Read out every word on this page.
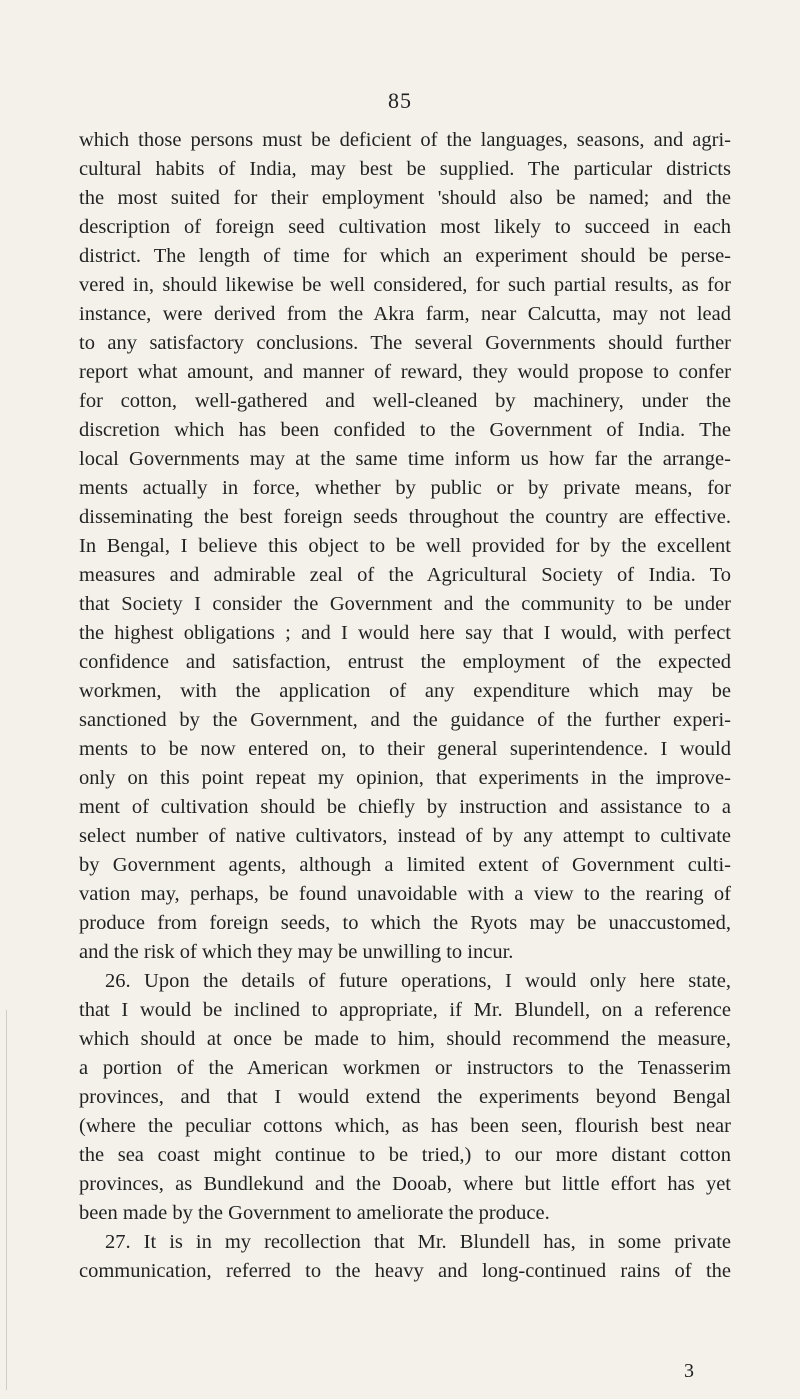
85
which those persons must be deficient of the languages, seasons, and agri-
cultural habits of India, may best be supplied. The particular districts
the most suited for their employment 'should also be named; and the
description of foreign seed cultivation most likely to succeed in each
district. The length of time for which an experiment should be perse-
vered in, should likewise be well considered, for such partial results, as for
instance, were derived from the Akra farm, near Calcutta, may not lead
to any satisfactory conclusions. The several Governments should further
report what amount, and manner of reward, they would propose to confer
for cotton, well-gathered and well-cleaned by machinery, under the
discretion which has been confided to the Government of India. The
local Governments may at the same time inform us how far the arrange-
ments actually in force, whether by public or by private means, for
disseminating the best foreign seeds throughout the country are effective.
In Bengal, I believe this object to be well provided for by the excellent
measures and admirable zeal of the Agricultural Society of India. To
that Society I consider the Government and the community to be under
the highest obligations ; and I would here say that I would, with perfect
confidence and satisfaction, entrust the employment of the expected
workmen, with the application of any expenditure which may be
sanctioned by the Government, and the guidance of the further experi-
ments to be now entered on, to their general superintendence. I would
only on this point repeat my opinion, that experiments in the improve-
ment of cultivation should be chiefly by instruction and assistance to a
select number of native cultivators, instead of by any attempt to cultivate
by Government agents, although a limited extent of Government culti-
vation may, perhaps, be found unavoidable with a view to the rearing of
produce from foreign seeds, to which the Ryots may be unaccustomed,
and the risk of which they may be unwilling to incur.
26. Upon the details of future operations, I would only here state,
that I would be inclined to appropriate, if Mr. Blundell, on a reference
which should at once be made to him, should recommend the measure,
a portion of the American workmen or instructors to the Tenasserim
provinces, and that I would extend the experiments beyond Bengal
(where the peculiar cottons which, as has been seen, flourish best near
the sea coast might continue to be tried,) to our more distant cotton
provinces, as Bundlekund and the Dooab, where but little effort has yet
been made by the Government to ameliorate the produce.
27. It is in my recollection that Mr. Blundell has, in some private
communication, referred to the heavy and long-continued rains of the
3
